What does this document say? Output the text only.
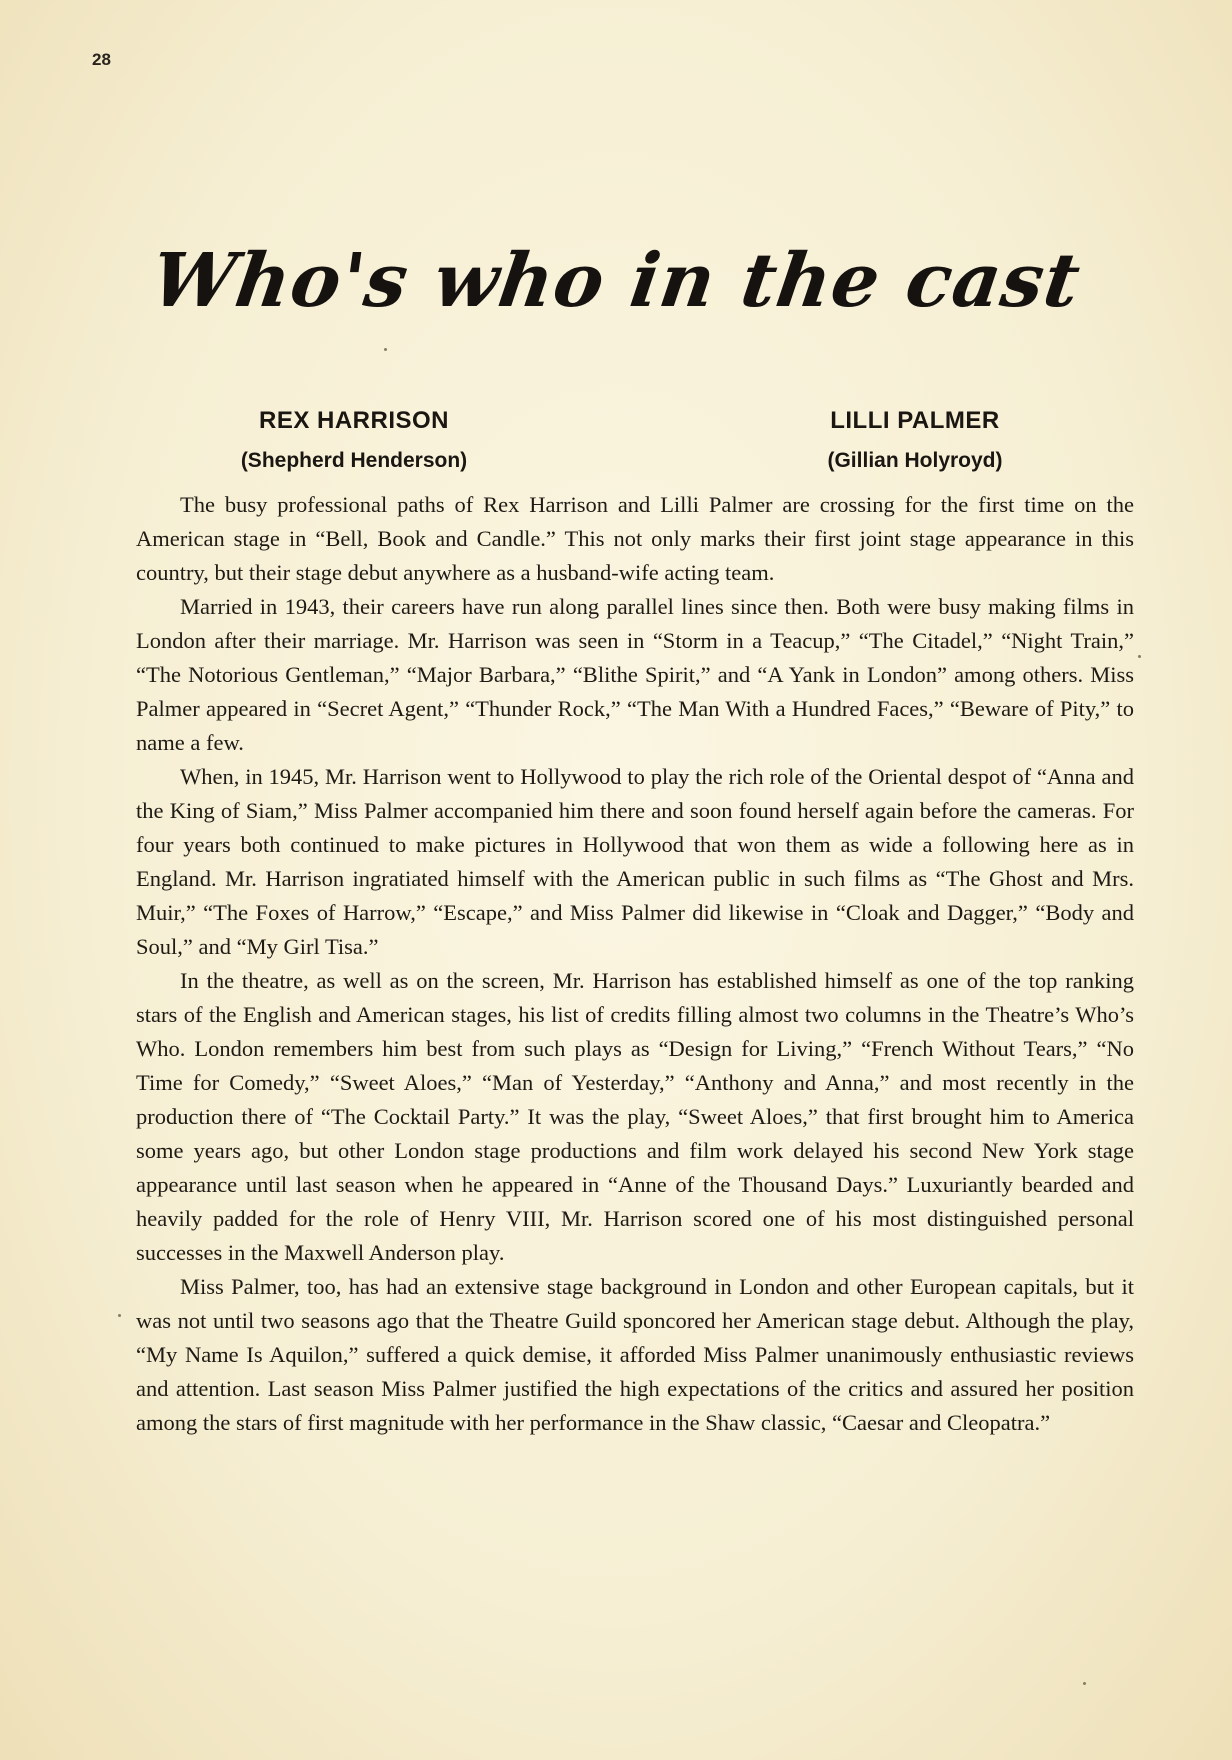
28
Who's who in the cast
REX HARRISON
(Shepherd Henderson)
LILLI PALMER
(Gillian Holyroyd)

The busy professional paths of Rex Harrison and Lilli Palmer are crossing for the first time on the American stage in “Bell, Book and Candle.” This not only marks their first joint stage appearance in this country, but their stage debut anywhere as a husband-wife acting team.

Married in 1943, their careers have run along parallel lines since then. Both were busy making films in London after their marriage. Mr. Harrison was seen in “Storm in a Teacup,” “The Citadel,” “Night Train,” “The Notorious Gentleman,” “Major Barbara,” “Blithe Spirit,” and “A Yank in London” among others. Miss Palmer appeared in “Secret Agent,” “Thunder Rock,” “The Man With a Hundred Faces,” “Beware of Pity,” to name a few.

When, in 1945, Mr. Harrison went to Hollywood to play the rich role of the Oriental despot of “Anna and the King of Siam,” Miss Palmer accompanied him there and soon found herself again before the cameras. For four years both continued to make pictures in Hollywood that won them as wide a following here as in England. Mr. Harrison ingratiated himself with the American public in such films as “The Ghost and Mrs. Muir,” “The Foxes of Harrow,” “Escape,” and Miss Palmer did likewise in “Cloak and Dagger,” “Body and Soul,” and “My Girl Tisa.”

In the theatre, as well as on the screen, Mr. Harrison has established himself as one of the top ranking stars of the English and American stages, his list of credits filling almost two columns in the Theatre’s Who’s Who. London remembers him best from such plays as “Design for Living,” “French Without Tears,” “No Time for Comedy,” “Sweet Aloes,” “Man of Yesterday,” “Anthony and Anna,” and most recently in the production there of “The Cocktail Party.” It was the play, “Sweet Aloes,” that first brought him to America some years ago, but other London stage productions and film work delayed his second New York stage appearance until last season when he appeared in “Anne of the Thousand Days.” Luxuriantly bearded and heavily padded for the role of Henry VIII, Mr. Harrison scored one of his most distinguished personal successes in the Maxwell Anderson play.

Miss Palmer, too, has had an extensive stage background in London and other European capitals, but it was not until two seasons ago that the Theatre Guild sponcored her American stage debut. Although the play, “My Name Is Aquilon,” suffered a quick demise, it afforded Miss Palmer unanimously enthusiastic reviews and attention. Last season Miss Palmer justified the high expectations of the critics and assured her position among the stars of first magnitude with her performance in the Shaw classic, “Caesar and Cleopatra.”
